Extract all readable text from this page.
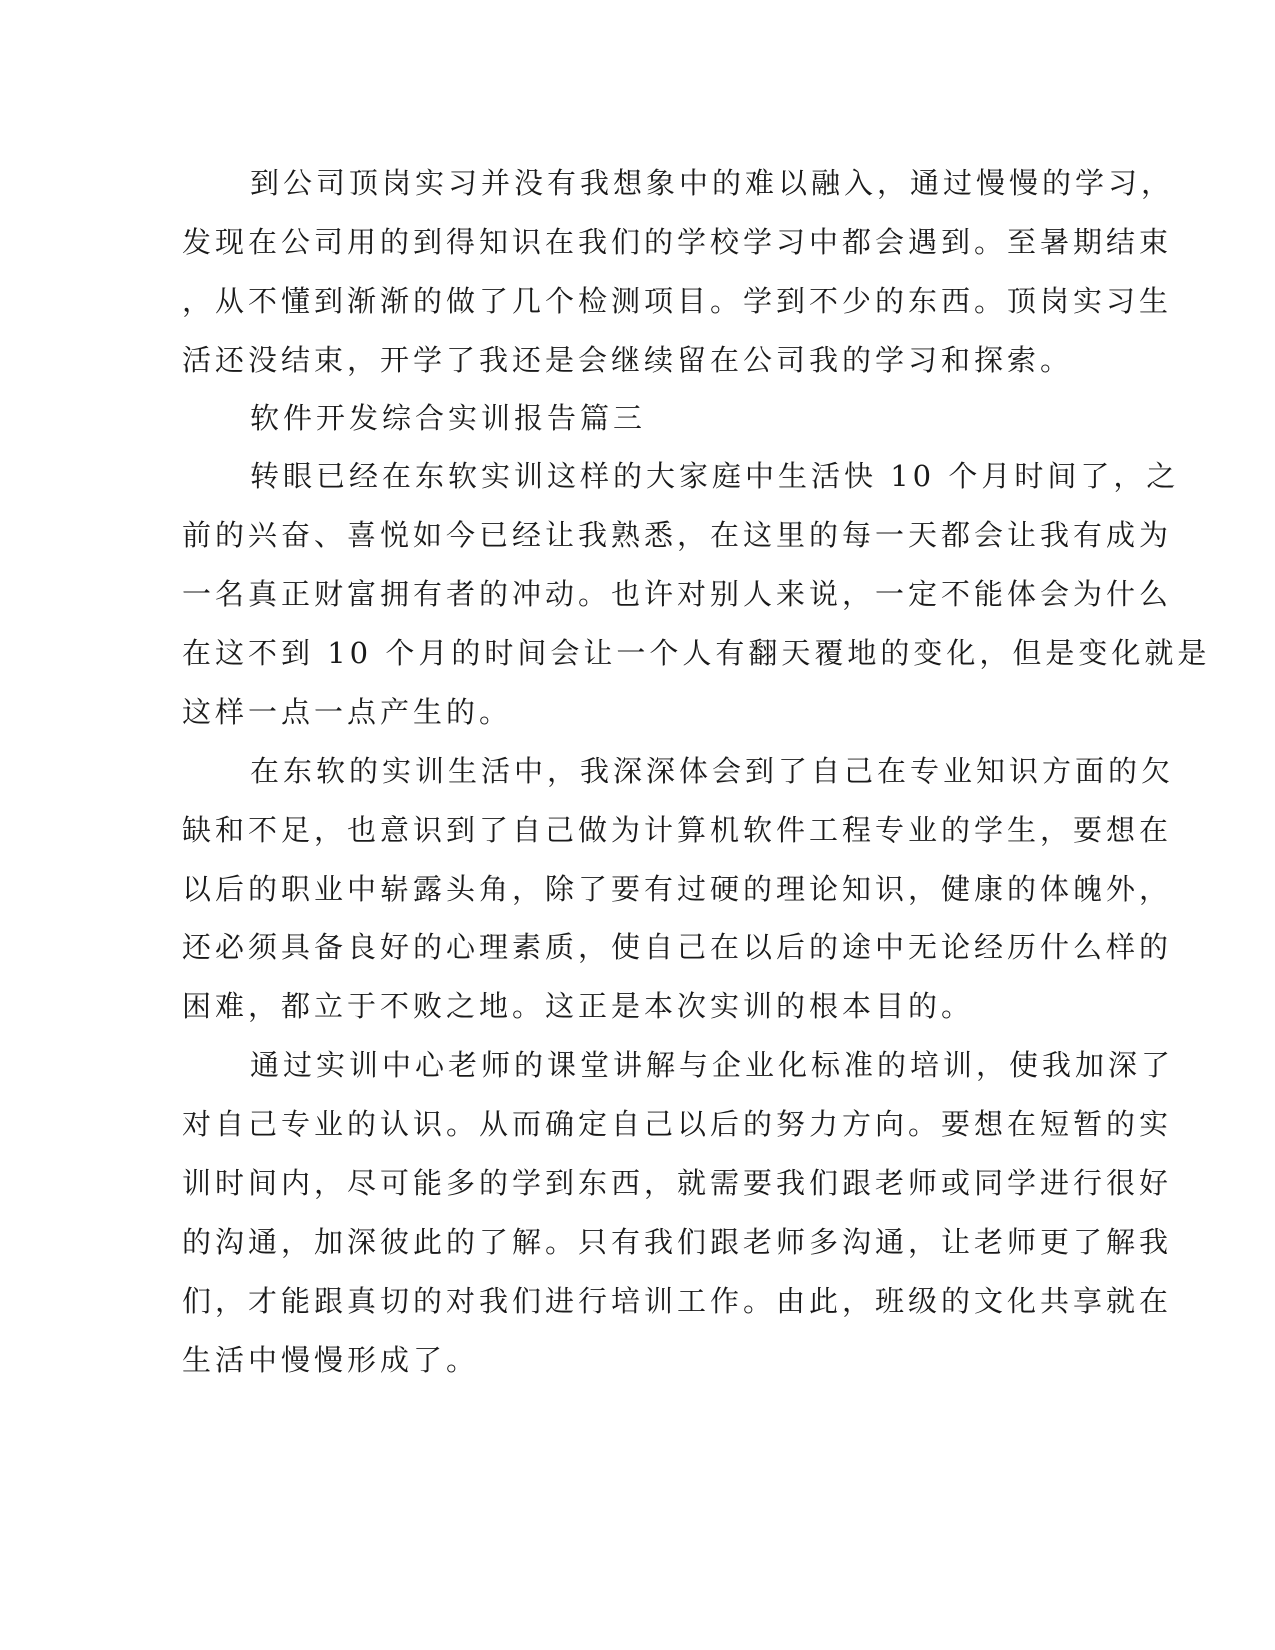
到公司顶岗实习并没有我想象中的难以融入，通过慢慢的学习，

发现在公司用的到得知识在我们的学校学习中都会遇到。至暑期结束

，从不懂到渐渐的做了几个检测项目。学到不少的东西。顶岗实习生

活还没结束，开学了我还是会继续留在公司我的学习和探索。

软件开发综合实训报告篇三

转眼已经在东软实训这样的大家庭中生活快 10 个月时间了，之

前的兴奋、喜悦如今已经让我熟悉，在这里的每一天都会让我有成为

一名真正财富拥有者的冲动。也许对别人来说，一定不能体会为什么

在这不到 10 个月的时间会让一个人有翻天覆地的变化，但是变化就是

这样一点一点产生的。

在东软的实训生活中，我深深体会到了自己在专业知识方面的欠

缺和不足，也意识到了自己做为计算机软件工程专业的学生，要想在

以后的职业中崭露头角，除了要有过硬的理论知识，健康的体魄外，

还必须具备良好的心理素质，使自己在以后的途中无论经历什么样的

困难，都立于不败之地。这正是本次实训的根本目的。

通过实训中心老师的课堂讲解与企业化标准的培训，使我加深了

对自己专业的认识。从而确定自己以后的努力方向。要想在短暂的实

训时间内，尽可能多的学到东西，就需要我们跟老师或同学进行很好

的沟通，加深彼此的了解。只有我们跟老师多沟通，让老师更了解我

们，才能跟真切的对我们进行培训工作。由此，班级的文化共享就在

生活中慢慢形成了。
